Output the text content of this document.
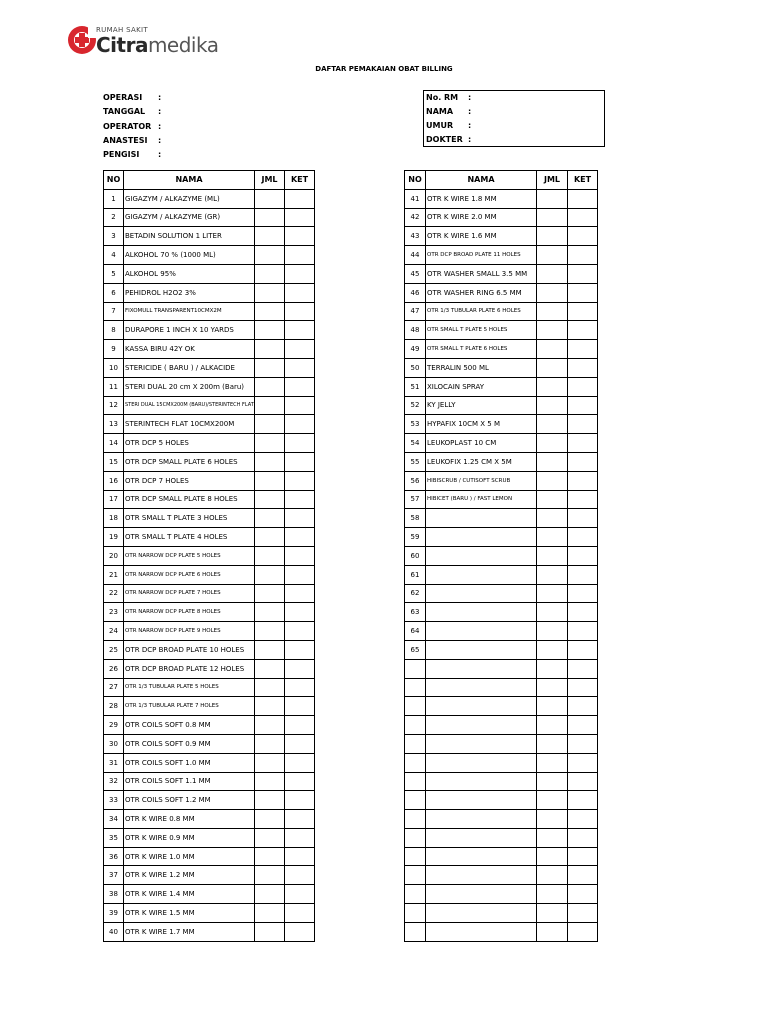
RUMAH SAKIT
Citramedika
DAFTAR PEMAKAIAN OBAT BILLING
OPERASI :
TANGGAL :
OPERATOR :
ANASTESI :
PENGISI :
No. RM :
NAMA :
UMUR :
DOKTER :
NO	NAMA	JML	KET
1	GIGAZYM / ALKAZYME (ML)		
2	GIGAZYM / ALKAZYME (GR)		
3	BETADIN SOLUTION 1 LITER		
4	ALKOHOL 70 % (1000 ML)		
5	ALKOHOL 95%		
6	PEHIDROL H2O2 3%		
7	FIXOMULL TRANSPARENT10CMX2M		
8	DURAPORE 1 INCH X 10 YARDS		
9	KASSA BIRU 42Y OK		
10	STERICIDE ( BARU ) / ALKACIDE		
11	STERI DUAL 20 cm X 200m (Baru)		
12	STERI DUAL 15CMX200M (BARU)/STERINTECH FLAT		
13	STERINTECH FLAT 10CMX200M		
14	OTR DCP 5 HOLES		
15	OTR DCP SMALL PLATE 6 HOLES		
16	OTR DCP 7 HOLES		
17	OTR DCP SMALL PLATE 8 HOLES		
18	OTR SMALL T PLATE 3 HOLES		
19	OTR SMALL T PLATE 4 HOLES		
20	OTR NARROW DCP PLATE 5 HOLES		
21	OTR NARROW DCP PLATE 6 HOLES		
22	OTR NARROW DCP PLATE 7 HOLES		
23	OTR NARROW DCP PLATE 8 HOLES		
24	OTR NARROW DCP PLATE 9 HOLES		
25	OTR DCP BROAD PLATE 10 HOLES		
26	OTR DCP BROAD PLATE 12 HOLES		
27	OTR 1/3 TUBULAR PLATE 5 HOLES		
28	OTR 1/3 TUBULAR PLATE 7 HOLES		
29	OTR COILS SOFT 0.8 MM		
30	OTR COILS SOFT 0.9 MM		
31	OTR COILS SOFT 1.0 MM		
32	OTR COILS SOFT 1.1 MM		
33	OTR COILS SOFT 1.2 MM		
34	OTR K WIRE 0.8 MM		
35	OTR K WIRE 0.9 MM		
36	OTR K WIRE 1.0 MM		
37	OTR K WIRE 1.2 MM		
38	OTR K WIRE 1.4 MM		
39	OTR K WIRE 1.5 MM		
40	OTR K WIRE 1.7 MM		
NO	NAMA	JML	KET
41	OTR K WIRE 1.8 MM		
42	OTR K WIRE 2.0 MM		
43	OTR K WIRE 1.6 MM		
44	OTR DCP BROAD PLATE 11 HOLES		
45	OTR WASHER SMALL 3.5 MM		
46	OTR WASHER RING 6.5 MM		
47	OTR 1/3 TUBULAR PLATE 6 HOLES		
48	OTR SMALL T PLATE 5 HOLES		
49	OTR SMALL T PLATE 6 HOLES		
50	TERRALIN 500 ML		
51	XILOCAIN SPRAY		
52	KY JELLY		
53	HYPAFIX 10CM X 5 M		
54	LEUKOPLAST 10 CM		
55	LEUKOFIX 1.25 CM X 5M		
56	HIBISCRUB / CUTISOFT SCRUB		
57	HIBICET (BARU ) / FAST LEMON		
58			
59			
60			
61			
62			
63			
64			
65			
